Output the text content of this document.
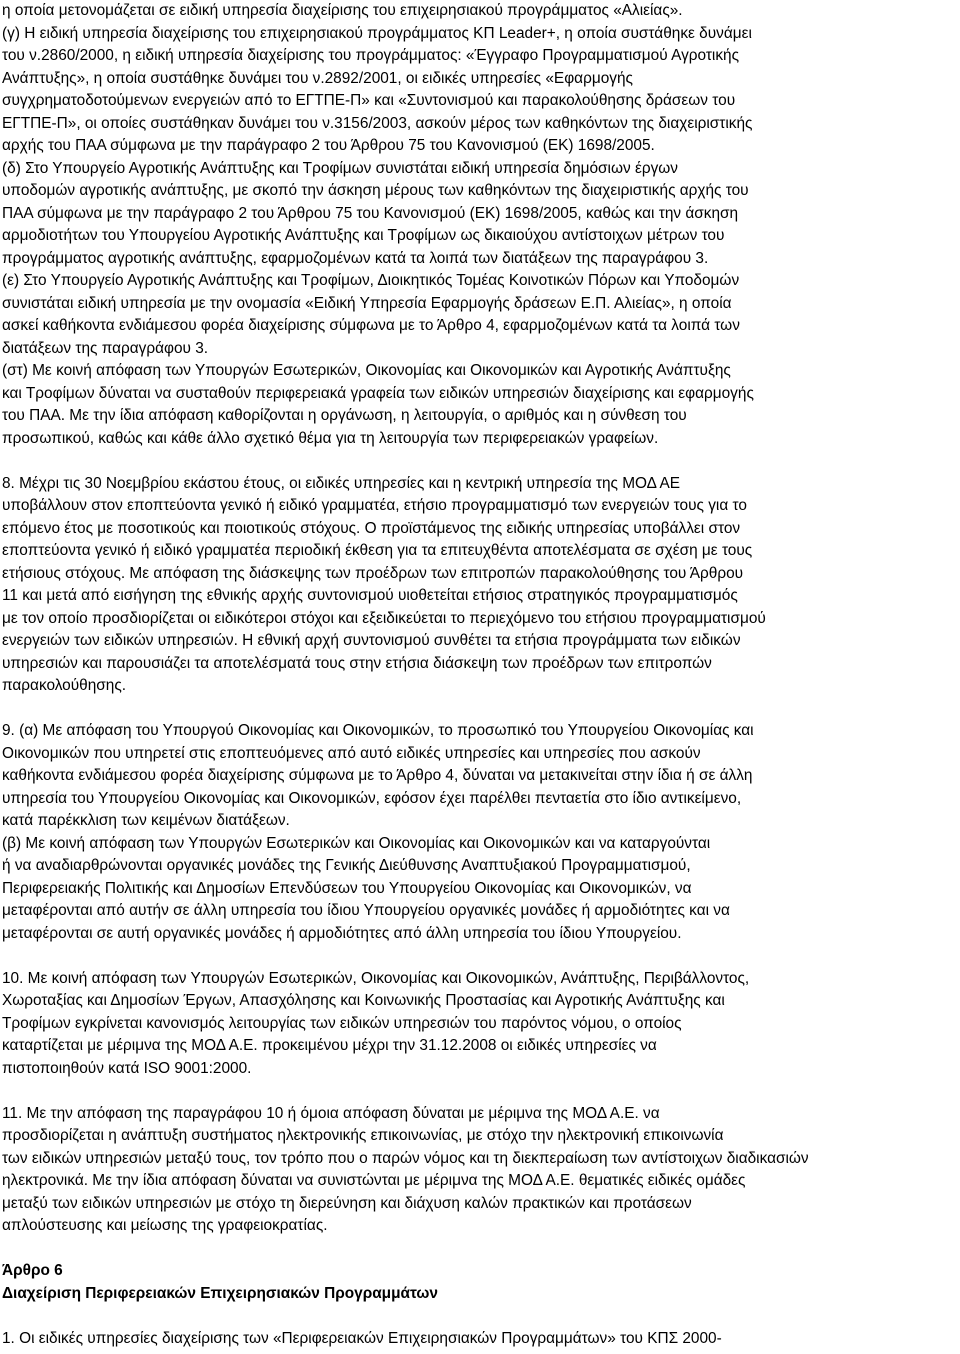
η οποία μετονομάζεται σε ειδική υπηρεσία διαχείρισης του επιχειρησιακού προγράμματος «Αλιείας».
(γ) Η ειδική υπηρεσία διαχείρισης του επιχειρησιακού προγράμματος ΚΠ Leader+, η οποία συστάθηκε δυνάμει
του ν.2860/2000, η ειδική υπηρεσία διαχείρισης του προγράμματος: «Έγγραφο Προγραμματισμού Αγροτικής
Ανάπτυξης», η οποία συστάθηκε δυνάμει του ν.2892/2001, οι ειδικές υπηρεσίες «Εφαρμογής
συγχρηματοδοτούμενων ενεργειών από το ΕΓΤΠΕ-Π» και «Συντονισμού και παρακολούθησης δράσεων του
ΕΓΤΠΕ-Π», οι οποίες συστάθηκαν δυνάμει του ν.3156/2003, ασκούν μέρος των καθηκόντων της διαχειριστικής
αρχής του ΠΑΑ σύμφωνα με την παράγραφο 2 του Άρθρου 75 του Κανονισμού (ΕΚ) 1698/2005.
(δ) Στο Υπουργείο Αγροτικής Ανάπτυξης και Τροφίμων συνιστάται ειδική υπηρεσία δημόσιων έργων
υποδομών αγροτικής ανάπτυξης, με σκοπό την άσκηση μέρους των καθηκόντων της διαχειριστικής αρχής του
ΠΑΑ σύμφωνα με την παράγραφο 2 του Άρθρου 75 του Κανονισμού (ΕΚ) 1698/2005, καθώς και την άσκηση
αρμοδιοτήτων του Υπουργείου Αγροτικής Ανάπτυξης και Τροφίμων ως δικαιούχου αντίστοιχων μέτρων του
προγράμματος αγροτικής ανάπτυξης, εφαρμοζομένων κατά τα λοιπά των διατάξεων της παραγράφου 3.
(ε) Στο Υπουργείο Αγροτικής Ανάπτυξης και Τροφίμων, Διοικητικός Τομέας Κοινοτικών Πόρων και Υποδομών
συνιστάται ειδική υπηρεσία με την ονομασία «Ειδική Υπηρεσία Εφαρμογής δράσεων Ε.Π. Αλιείας», η οποία
ασκεί καθήκοντα ενδιάμεσου φορέα διαχείρισης σύμφωνα με το Άρθρο 4, εφαρμοζομένων κατά τα λοιπά των
διατάξεων της παραγράφου 3.
(στ) Με κοινή απόφαση των Υπουργών Εσωτερικών, Οικονομίας και Οικονομικών και Αγροτικής Ανάπτυξης
και Τροφίμων δύναται να συσταθούν περιφερειακά γραφεία των ειδικών υπηρεσιών διαχείρισης και εφαρμογής
του ΠΑΑ. Με την ίδια απόφαση καθορίζονται η οργάνωση, η λειτουργία, ο αριθμός και η σύνθεση του
προσωπικού, καθώς και κάθε άλλο σχετικό θέμα για τη λειτουργία των περιφερειακών γραφείων.
8. Μέχρι τις 30 Νοεμβρίου εκάστου έτους, οι ειδικές υπηρεσίες και η κεντρική υπηρεσία της ΜΟΔ ΑΕ
υποβάλλουν στον εποπτεύοντα γενικό ή ειδικό γραμματέα, ετήσιο προγραμματισμό των ενεργειών τους για το
επόμενο έτος με ποσοτικούς και ποιοτικούς στόχους. Ο προϊστάμενος της ειδικής υπηρεσίας υποβάλλει στον
εποπτεύοντα γενικό ή ειδικό γραμματέα περιοδική έκθεση για τα επιτευχθέντα αποτελέσματα σε σχέση με τους
ετήσιους στόχους. Με απόφαση της διάσκεψης των προέδρων των επιτροπών παρακολούθησης του Άρθρου
11 και μετά από εισήγηση της εθνικής αρχής συντονισμού υιοθετείται ετήσιος στρατηγικός προγραμματισμός
με τον οποίο προσδιορίζεται οι ειδικότεροι στόχοι και εξειδικεύεται το περιεχόμενο του ετήσιου προγραμματισμού
ενεργειών των ειδικών υπηρεσιών. Η εθνική αρχή συντονισμού συνθέτει τα ετήσια προγράμματα των ειδικών
υπηρεσιών και παρουσιάζει τα αποτελέσματά τους στην ετήσια διάσκεψη των προέδρων των επιτροπών
παρακολούθησης.
9. (α) Με απόφαση του Υπουργού Οικονομίας και Οικονομικών, το προσωπικό του Υπουργείου Οικονομίας και
Οικονομικών που υπηρετεί στις εποπτευόμενες από αυτό ειδικές υπηρεσίες και υπηρεσίες που ασκούν
καθήκοντα ενδιάμεσου φορέα διαχείρισης σύμφωνα με το Άρθρο 4, δύναται να μετακινείται στην ίδια ή σε άλλη
υπηρεσία του Υπουργείου Οικονομίας και Οικονομικών, εφόσον έχει παρέλθει πενταετία στο ίδιο αντικείμενο,
κατά παρέκκλιση των κειμένων διατάξεων.
(β) Με κοινή απόφαση των Υπουργών Εσωτερικών και Οικονομίας και Οικονομικών και να καταργούνται
ή να αναδιαρθρώνονται οργανικές μονάδες της Γενικής Διεύθυνσης Αναπτυξιακού Προγραμματισμού,
Περιφερειακής Πολιτικής και Δημοσίων Επενδύσεων του Υπουργείου Οικονομίας και Οικονομικών, να
μεταφέρονται από αυτήν σε άλλη υπηρεσία του ίδιου Υπουργείου οργανικές μονάδες ή αρμοδιότητες και να
μεταφέρονται σε αυτή οργανικές μονάδες ή αρμοδιότητες από άλλη υπηρεσία του ίδιου Υπουργείου.
10. Με κοινή απόφαση των Υπουργών Εσωτερικών, Οικονομίας και Οικονομικών, Ανάπτυξης, Περιβάλλοντος,
Χωροταξίας και Δημοσίων Έργων, Απασχόλησης και Κοινωνικής Προστασίας και Αγροτικής Ανάπτυξης και
Τροφίμων εγκρίνεται κανονισμός λειτουργίας των ειδικών υπηρεσιών του παρόντος νόμου, ο οποίος
καταρτίζεται με μέριμνα της ΜΟΔ Α.Ε. προκειμένου μέχρι την 31.12.2008 οι ειδικές υπηρεσίες να
πιστοποιηθούν κατά ISO 9001:2000.
11. Με την απόφαση της παραγράφου 10 ή όμοια απόφαση δύναται με μέριμνα της ΜΟΔ Α.Ε. να
προσδιορίζεται η ανάπτυξη συστήματος ηλεκτρονικής επικοινωνίας, με στόχο την ηλεκτρονική επικοινωνία
των ειδικών υπηρεσιών μεταξύ τους, τον τρόπο που ο παρών νόμος και τη διεκπεραίωση των αντίστοιχων διαδικασιών
ηλεκτρονικά. Με την ίδια απόφαση δύναται να συνιστώνται με μέριμνα της ΜΟΔ Α.Ε. θεματικές ειδικές ομάδες
μεταξύ των ειδικών υπηρεσιών με στόχο τη διερεύνηση και διάχυση καλών πρακτικών και προτάσεων
απλούστευσης και μείωσης της γραφειοκρατίας.
Άρθρο 6
Διαχείριση Περιφερειακών Επιχειρησιακών Προγραμμάτων
1. Οι ειδικές υπηρεσίες διαχείρισης των «Περιφερειακών Επιχειρησιακών Προγραμμάτων» του ΚΠΣ 2000-
